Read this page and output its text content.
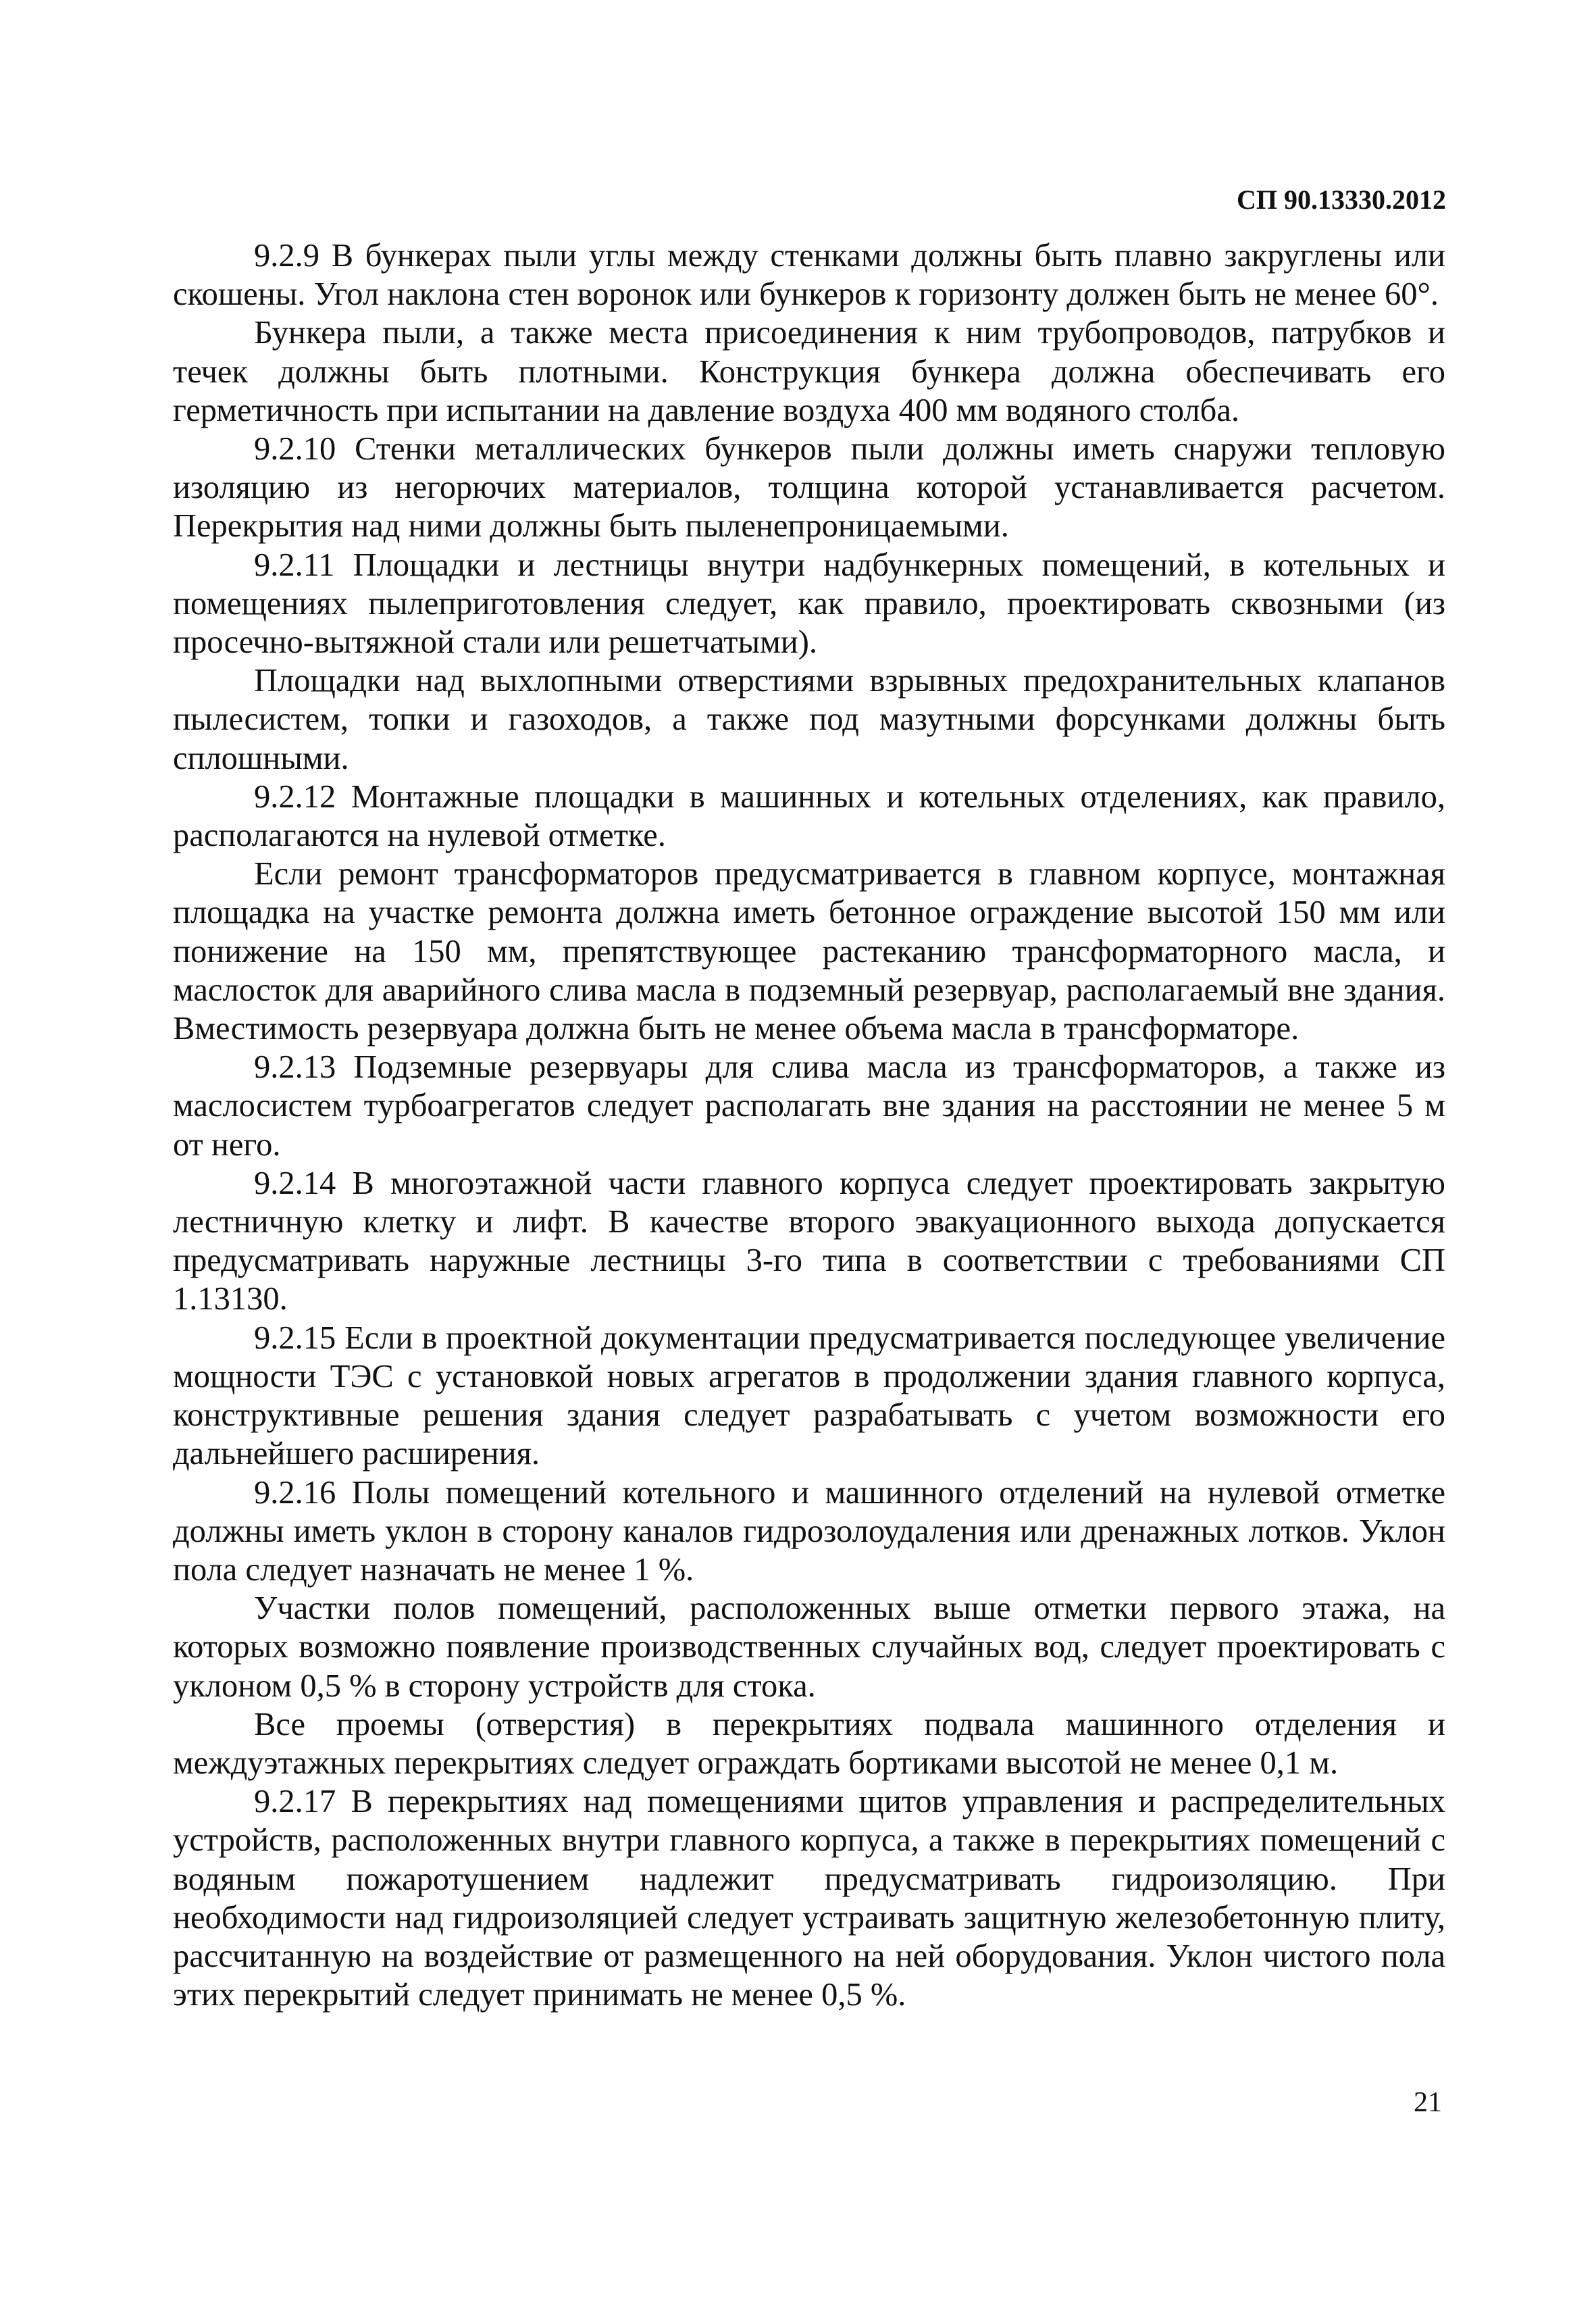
СП 90.13330.2012

9.2.9 В бункерах пыли углы между стенками должны быть плавно закруглены или скошены. Угол наклона стен воронок или бункеров к горизонту должен быть не менее 60°.

Бункера пыли, а также места присоединения к ним трубопроводов, патрубков и течек должны быть плотными. Конструкция бункера должна обеспечивать его герметичность при испытании на давление воздуха 400 мм водяного столба.

9.2.10 Стенки металлических бункеров пыли должны иметь снаружи тепловую изоляцию из негорючих материалов, толщина которой устанавливается расчетом. Перекрытия над ними должны быть пыленепроницаемыми.

9.2.11 Площадки и лестницы внутри надбункерных помещений, в котельных и помещениях пылеприготовления следует, как правило, проектировать сквозными (из просечно-вытяжной стали или решетчатыми).

Площадки над выхлопными отверстиями взрывных предохранительных клапанов пылесистем, топки и газоходов, а также под мазутными форсунками должны быть сплошными.

9.2.12 Монтажные площадки в машинных и котельных отделениях, как правило, располагаются на нулевой отметке.

Если ремонт трансформаторов предусматривается в главном корпусе, монтажная площадка на участке ремонта должна иметь бетонное ограждение высотой 150 мм или понижение на 150 мм, препятствующее растеканию трансформаторного масла, и маслосток для аварийного слива масла в подземный резервуар, располагаемый вне здания. Вместимость резервуара должна быть не менее объема масла в трансформаторе.

9.2.13 Подземные резервуары для слива масла из трансформаторов, а также из маслосистем турбоагрегатов следует располагать вне здания на расстоянии не менее 5 м от него.

9.2.14 В многоэтажной части главного корпуса следует проектировать закрытую лестничную клетку и лифт. В качестве второго эвакуационного выхода допускается предусматривать наружные лестницы 3-го типа в соответствии с требованиями СП 1.13130.

9.2.15 Если в проектной документации предусматривается последующее увеличение мощности ТЭС с установкой новых агрегатов в продолжении здания главного корпуса, конструктивные решения здания следует разрабатывать с учетом возможности его дальнейшего расширения.

9.2.16 Полы помещений котельного и машинного отделений на нулевой отметке должны иметь уклон в сторону каналов гидрозолоудаления или дренажных лотков. Уклон пола следует назначать не менее 1 %.

Участки полов помещений, расположенных выше отметки первого этажа, на которых возможно появление производственных случайных вод, следует проектировать с уклоном 0,5 % в сторону устройств для стока.

Все проемы (отверстия) в перекрытиях подвала машинного отделения и междуэтажных перекрытиях следует ограждать бортиками высотой не менее 0,1 м.

9.2.17 В перекрытиях над помещениями щитов управления и распределительных устройств, расположенных внутри главного корпуса, а также в перекрытиях помещений с водяным пожаротушением надлежит предусматривать гидроизоляцию. При необходимости над гидроизоляцией следует устраивать защитную железобетонную плиту, рассчитанную на воздействие от размещенного на ней оборудования. Уклон чистого пола этих перекрытий следует принимать не менее 0,5 %.

21
